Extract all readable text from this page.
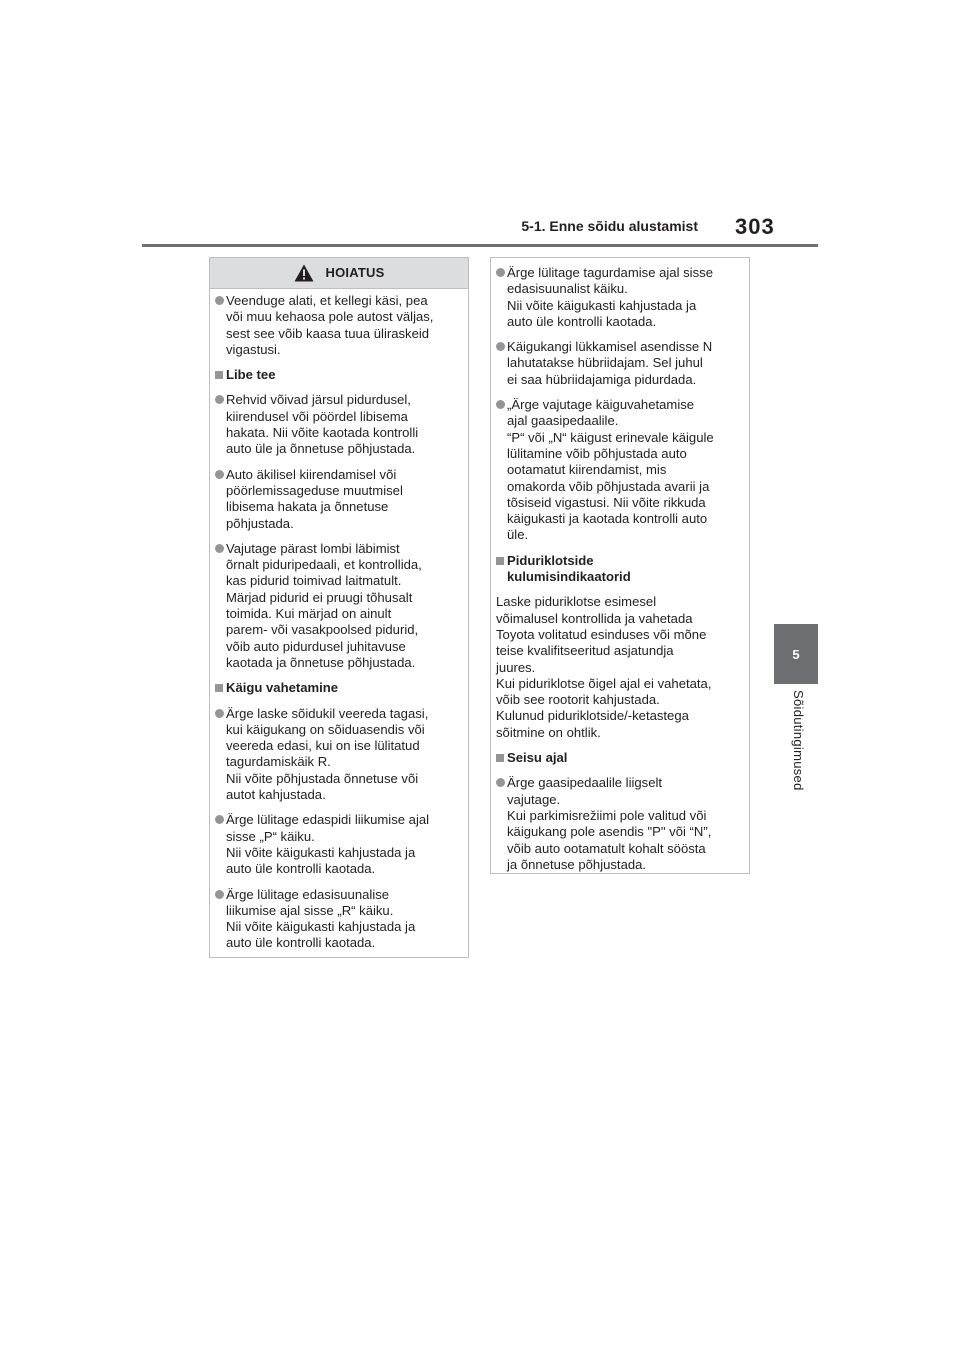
5-1. Enne sõidu alustamist 303
5
Sõidutingimused
HOIATUS
Veenduge alati, et kellegi käsi, pea
või muu kehaosa pole autost väljas,
sest see võib kaasa tuua üliraskeid
vigastusi.
Libe tee
Rehvid võivad järsul pidurdusel,
kiirendusel või pöördel libisema
hakata. Nii võite kaotada kontrolli
auto üle ja õnnetuse põhjustada.
Auto äkilisel kiirendamisel või
pöörlemissageduse muutmisel
libisema hakata ja õnnetuse
põhjustada.
Vajutage pärast lombi läbimist
õrnalt piduripedaali, et kontrollida,
kas pidurid toimivad laitmatult.
Märjad pidurid ei pruugi tõhusalt
toimida. Kui märjad on ainult
parem- või vasakpoolsed pidurid,
võib auto pidurdusel juhitavuse
kaotada ja õnnetuse põhjustada.
Käigu vahetamine
Ärge laske sõidukil veereda tagasi,
kui käigukang on sõiduasendis või
veereda edasi, kui on ise lülitatud
tagurdamiskäik R.
Nii võite põhjustada õnnetuse või
autot kahjustada.
Ärge lülitage edaspidi liikumise ajal
sisse „P“ käiku.
Nii võite käigukasti kahjustada ja
auto üle kontrolli kaotada.
Ärge lülitage edasisuunalise
liikumise ajal sisse „R“ käiku.
Nii võite käigukasti kahjustada ja
auto üle kontrolli kaotada.
Ärge lülitage tagurdamise ajal sisse
edasisuunalist käiku.
Nii võite käigukasti kahjustada ja
auto üle kontrolli kaotada.
Käigukangi lükkamisel asendisse N
lahutatakse hübriidajam. Sel juhul
ei saa hübriidajamiga pidurdada.
„Ärge vajutage käiguvahetamise
ajal gaasipedaalile.
“P“ või „N“ käigust erinevale käigule
lülitamine võib põhjustada auto
ootamatut kiirendamist, mis
omakorda võib põhjustada avarii ja
tõsiseid vigastusi. Nii võite rikkuda
käigukasti ja kaotada kontrolli auto
üle.
Piduriklotside
kulumisindikaatorid
Laske piduriklotse esimesel
võimalusel kontrollida ja vahetada
Toyota volitatud esinduses või mõne
teise kvalifitseeritud asjatundja
juures.
Kui piduriklotse õigel ajal ei vahetata,
võib see rootorit kahjustada.
Kulunud piduriklotside/-ketastega
sõitmine on ohtlik.
Seisu ajal
Ärge gaasipedaalile liigselt
vajutage.
Kui parkimisrežiimi pole valitud või
käigukang pole asendis "P" või “N”,
võib auto ootamatult kohalt söösta
ja õnnetuse põhjustada.
